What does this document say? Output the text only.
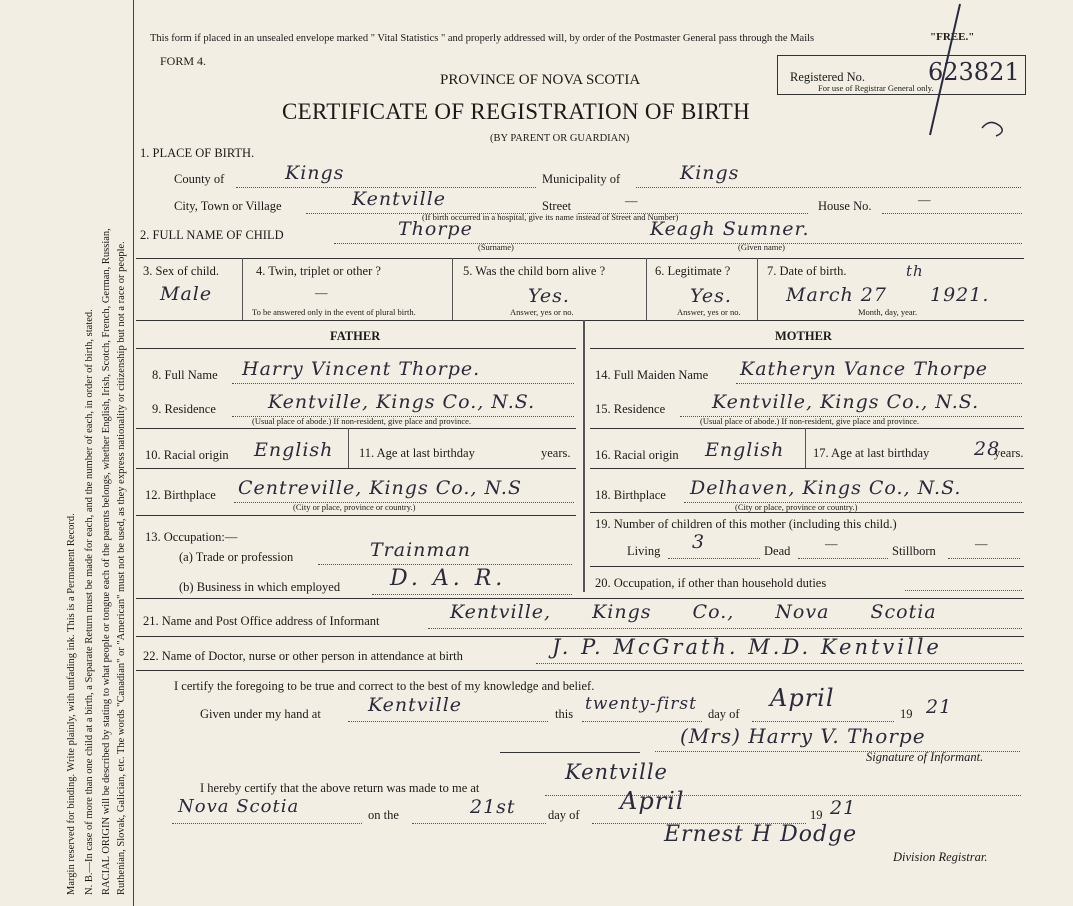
Margin reserved for binding. Write plainly, with unfading ink. This is a Permanent Record. N. B.—In case of more than one child at a birth, a Separate Return must be made for each, and the number of each, in order of birth, stated. RACIAL ORIGIN will be described by stating to what people or tongue each of the parents belongs, whether English, Irish, Scotch, French, German, Russian, Ruthenian, Slovak, Galician, etc. The words "Canadian" or "American" must not be used, as they express nationality or citizenship but not a race or people.
This form if placed in an unsealed envelope marked " Vital Statistics " and properly addressed will, by order of the Postmaster General pass through the Mails	"FREE."
FORM 4.
PROVINCE OF NOVA SCOTIA
CERTIFICATE OF REGISTRATION OF BIRTH
(BY PARENT OR GUARDIAN)
Registered No.	623821
For use of Registrar General only.
1. PLACE OF BIRTH.
County of	Kings	Municipality of	Kings
City, Town or Village	Kentville	Street	—	House No.	—
(If birth occurred in a hospital, give its name instead of Street and Number)
2. FULL NAME OF CHILD	Thorpe	Keagh Sumner.
(Surname)	(Given name)
3. Sex of child.
Male
4. Twin, triplet or other ?
—
To be answered only in the event of plural birth.
5. Was the child born alive ?
Yes.
Answer, yes or no.
6. Legitimate ?
Yes.
Answer, yes or no.
7. Date of birth.
March 27
th
1921.
Month, day, year.
FATHER
8. Full Name Harry Vincent Thorpe.
9. Residence	Kentville, Kings Co., N.S.
(Usual place of abode.) If non-resident, give place and province.
10. Racial origin English 11. Age at last birthday	years.
12. Birthplace Centreville, Kings Co., N.S
(City or place, province or country.)
13. Occupation:—
(a) Trade or profession	Trainman
(b) Business in which employed D. A. R.
MOTHER
14. Full Maiden Name Katheryn Vance Thorpe
15. Residence Kentville, Kings Co., N.S.
(Usual place of abode.) If non-resident, give place and province.
16. Racial origin English 17. Age at last birthday 28
years.
18. Birthplace Delhaven, Kings Co., N.S.
(City or place, province or country.)
19. Number of children of this mother (including this child.)
Living 3	Dead	—	Stillborn	—
20. Occupation, if other than household duties
21. Name and Post Office address of Informant	Kentville, Kings Co., Nova Scotia
22. Name of Doctor, nurse or other person in attendance at birth	J. P. McGrath. M.D. Kentville
I certify the foregoing to be true and correct to the best of my knowledge and belief.
Given under my hand at Kentville	this twenty-first day of
April
19 21
(Mrs) Harry V. Thorpe
Signature of Informant.
I hereby certify that the above return was made to me at
Kentville
Nova Scotia	on the	21st	day of April	19 21
Ernest H Dodge
Division Registrar.
